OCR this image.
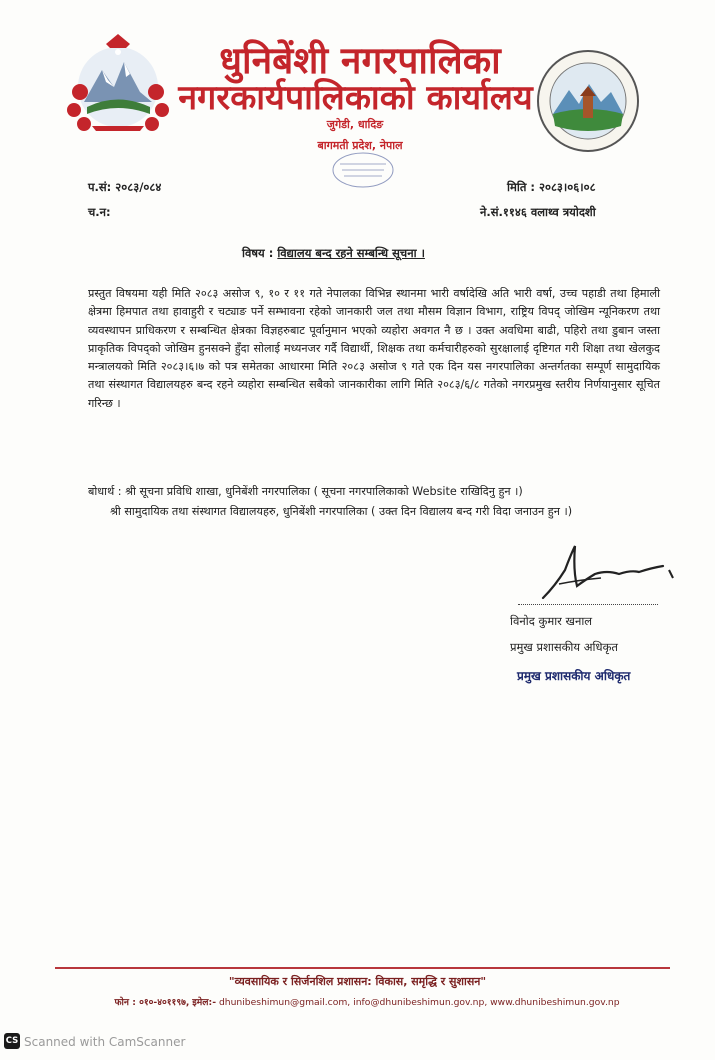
धुनिबेंशी नगरपालिका
नगरकार्यपालिकाको कार्यालय
जुगेडी, धादिङ
बागमती प्रदेश, नेपाल
प.सं: २०८३/०८४
च.न:
मिति : २०८३।०६।०८
ने.सं.११४६ वलाथ्व त्रयोदशी
विषय : विद्यालय बन्द रहने सम्बन्धि सूचना ।
प्रस्तुत विषयमा यही मिति २०८३ असोज ९, १० र ११ गते नेपालका विभिन्न स्थानमा भारी वर्षादेखि अति भारी वर्षा, उच्च पहाडी तथा हिमाली क्षेत्रमा हिमपात तथा हावाहुरी र चट्याङ पर्ने सम्भावना रहेको जानकारी जल तथा मौसम विज्ञान विभाग, राष्ट्रिय विपद् जोखिम न्यूनिकरण तथा व्यवस्थापन प्राधिकरण र सम्बन्धित क्षेत्रका विज्ञहरुबाट पूर्वानुमान भएको व्यहोरा अवगत नै छ । उक्त अवधिमा बाढी, पहिरो तथा डुबान जस्ता प्राकृतिक विपद्को जोखिम हुनसक्ने हुँदा सोलाई मध्यनजर गर्दै विद्यार्थी, शिक्षक तथा कर्मचारीहरुको सुरक्षालाई दृष्टिगत गरी शिक्षा तथा खेलकुद मन्त्रालयको मिति २०८३।६।७ को पत्र समेतका आधारमा मिति २०८३ असोज ९ गते एक दिन यस नगरपालिका अन्तर्गतका सम्पूर्ण सामुदायिक तथा संस्थागत विद्यालयहरु बन्द रहने व्यहोरा सम्बन्धित सबैको जानकारीका लागि मिति २०८३/६/८ गतेको नगरप्रमुख स्तरीय निर्णयानुसार सूचित गरिन्छ ।
बोधार्थ : श्री सूचना प्रविधि शाखा, धुनिबेंशी नगरपालिका ( सूचना नगरपालिकाको Website राखिदिनु हुन ।)
श्री सामुदायिक तथा संस्थागत विद्यालयहरु, धुनिबेंशी नगरपालिका ( उक्त दिन विद्यालय बन्द गरी विदा जनाउन हुन ।)
विनोद कुमार खनाल
प्रमुख प्रशासकीय अधिकृत
प्रमुख प्रशासकीय अधिकृत
"व्यवसायिक र सिर्जनशिल प्रशासन: विकास, समृद्धि र सुशासन"
फोन : ०१०-४०११९७, इमेल:- dhunibeshimun@gmail.com, info@dhunibeshimun.gov.np, www.dhunibeshimun.gov.np
CS Scanned with CamScanner
